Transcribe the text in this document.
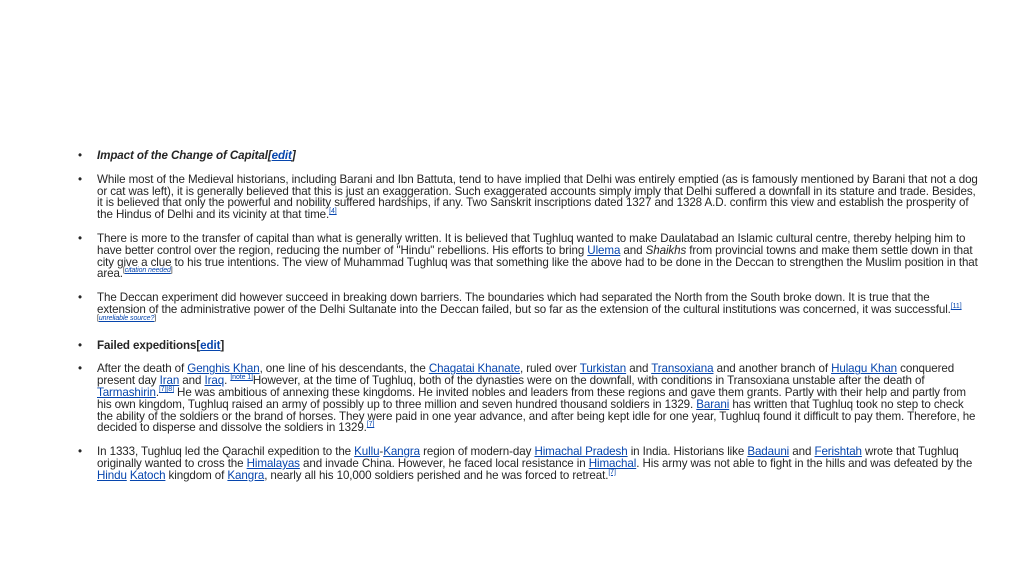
• Impact of the Change of Capital[edit]
• While most of the Medieval historians, including Barani and Ibn Battuta, tend to have implied that Delhi was entirely emptied (as is famously mentioned by Barani that not a dog or cat was left), it is generally believed that this is just an exaggeration. Such exaggerated accounts simply imply that Delhi suffered a downfall in its stature and trade. Besides, it is believed that only the powerful and nobility suffered hardships, if any. Two Sanskrit inscriptions dated 1327 and 1328 A.D. confirm this view and establish the prosperity of the Hindus of Delhi and its vicinity at that time.[4]
• There is more to the transfer of capital than what is generally written. It is believed that Tughluq wanted to make Daulatabad an Islamic cultural centre, thereby helping him to have better control over the region, reducing the number of "Hindu" rebellions. His efforts to bring Ulema and Shaikhs from provincial towns and make them settle down in that city give a clue to his true intentions. The view of Muhammad Tughluq was that something like the above had to be done in the Deccan to strengthen the Muslim position in that area.[citation needed]
• The Deccan experiment did however succeed in breaking down barriers. The boundaries which had separated the North from the South broke down. It is true that the extension of the administrative power of the Delhi Sultanate into the Deccan failed, but so far as the extension of the cultural institutions was concerned, it was successful.[11][unreliable source?]
• Failed expeditions[edit]
• After the death of Genghis Khan, one line of his descendants, the Chagatai Khanate, ruled over Turkistan and Transoxiana and another branch of Hulagu Khan conquered present day Iran and Iraq. [note 1]However, at the time of Tughluq, both of the dynasties were on the downfall, with conditions in Transoxiana unstable after the death of Tarmashirin.[7][8] He was ambitious of annexing these kingdoms. He invited nobles and leaders from these regions and gave them grants. Partly with their help and partly from his own kingdom, Tughluq raised an army of possibly up to three million and seven hundred thousand soldiers in 1329. Barani has written that Tughluq took no step to check the ability of the soldiers or the brand of horses. They were paid in one year advance, and after being kept idle for one year, Tughluq found it difficult to pay them. Therefore, he decided to disperse and dissolve the soldiers in 1329.[7]
• In 1333, Tughluq led the Qarachil expedition to the Kullu-Kangra region of modern-day Himachal Pradesh in India. Historians like Badauni and Ferishtah wrote that Tughluq originally wanted to cross the Himalayas and invade China. However, he faced local resistance in Himachal. His army was not able to fight in the hills and was defeated by the Hindu Katoch kingdom of Kangra, nearly all his 10,000 soldiers perished and he was forced to retreat.[7]
